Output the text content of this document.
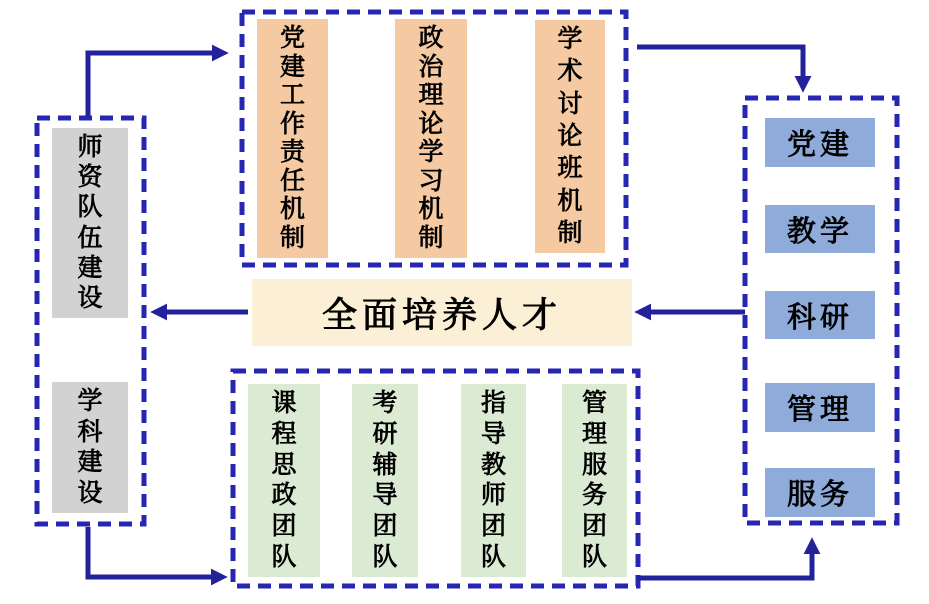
党
建
工
作
责
任
机
制
政
治
理
论
学
习
机
制
学
术
讨
论
班
机
制
师
资
队
伍
建
设
学
科
建
设
全面培养人才
课
程
思
政
团
队
考
研
辅
导
团
队
指
导
教
师
团
队
管
理
服
务
团
队
党建
教学
科研
管理
服务
